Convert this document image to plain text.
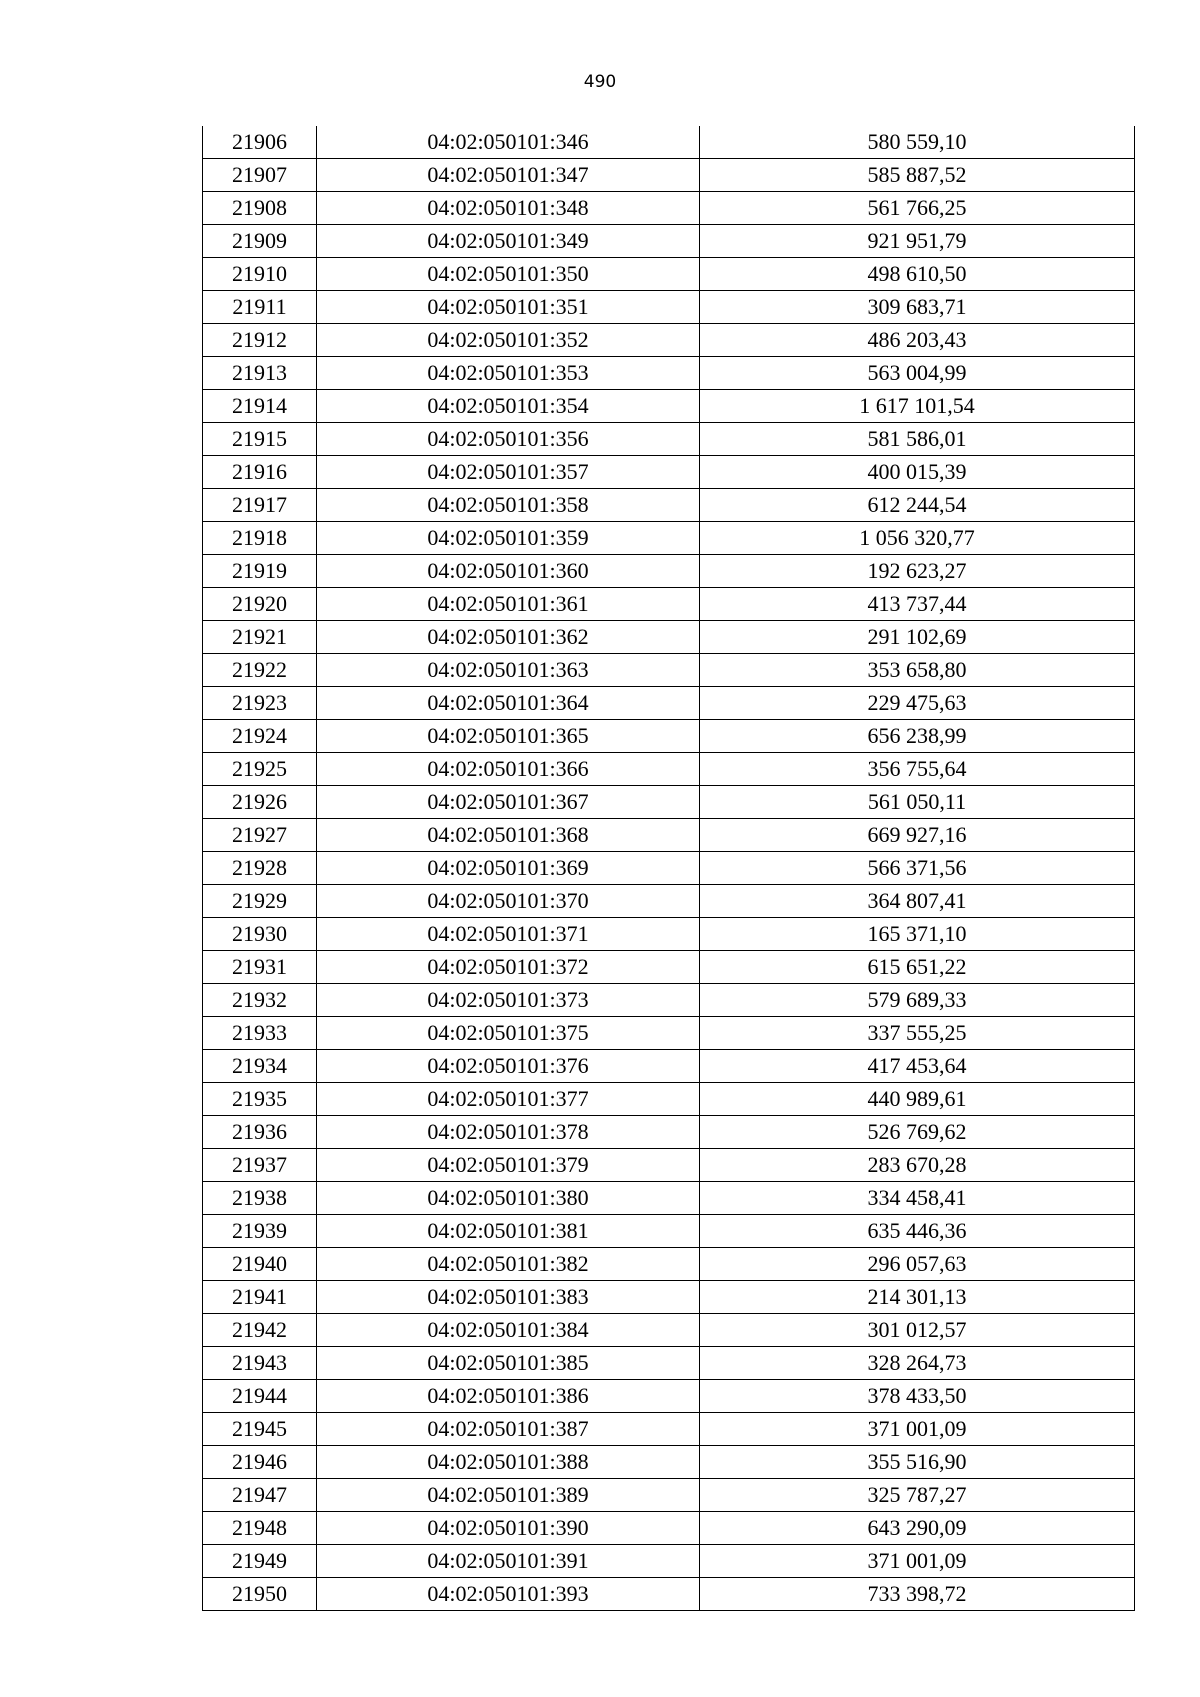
490
21906	04:02:050101:346	580 559,10
21907	04:02:050101:347	585 887,52
21908	04:02:050101:348	561 766,25
21909	04:02:050101:349	921 951,79
21910	04:02:050101:350	498 610,50
21911	04:02:050101:351	309 683,71
21912	04:02:050101:352	486 203,43
21913	04:02:050101:353	563 004,99
21914	04:02:050101:354	1 617 101,54
21915	04:02:050101:356	581 586,01
21916	04:02:050101:357	400 015,39
21917	04:02:050101:358	612 244,54
21918	04:02:050101:359	1 056 320,77
21919	04:02:050101:360	192 623,27
21920	04:02:050101:361	413 737,44
21921	04:02:050101:362	291 102,69
21922	04:02:050101:363	353 658,80
21923	04:02:050101:364	229 475,63
21924	04:02:050101:365	656 238,99
21925	04:02:050101:366	356 755,64
21926	04:02:050101:367	561 050,11
21927	04:02:050101:368	669 927,16
21928	04:02:050101:369	566 371,56
21929	04:02:050101:370	364 807,41
21930	04:02:050101:371	165 371,10
21931	04:02:050101:372	615 651,22
21932	04:02:050101:373	579 689,33
21933	04:02:050101:375	337 555,25
21934	04:02:050101:376	417 453,64
21935	04:02:050101:377	440 989,61
21936	04:02:050101:378	526 769,62
21937	04:02:050101:379	283 670,28
21938	04:02:050101:380	334 458,41
21939	04:02:050101:381	635 446,36
21940	04:02:050101:382	296 057,63
21941	04:02:050101:383	214 301,13
21942	04:02:050101:384	301 012,57
21943	04:02:050101:385	328 264,73
21944	04:02:050101:386	378 433,50
21945	04:02:050101:387	371 001,09
21946	04:02:050101:388	355 516,90
21947	04:02:050101:389	325 787,27
21948	04:02:050101:390	643 290,09
21949	04:02:050101:391	371 001,09
21950	04:02:050101:393	733 398,72
